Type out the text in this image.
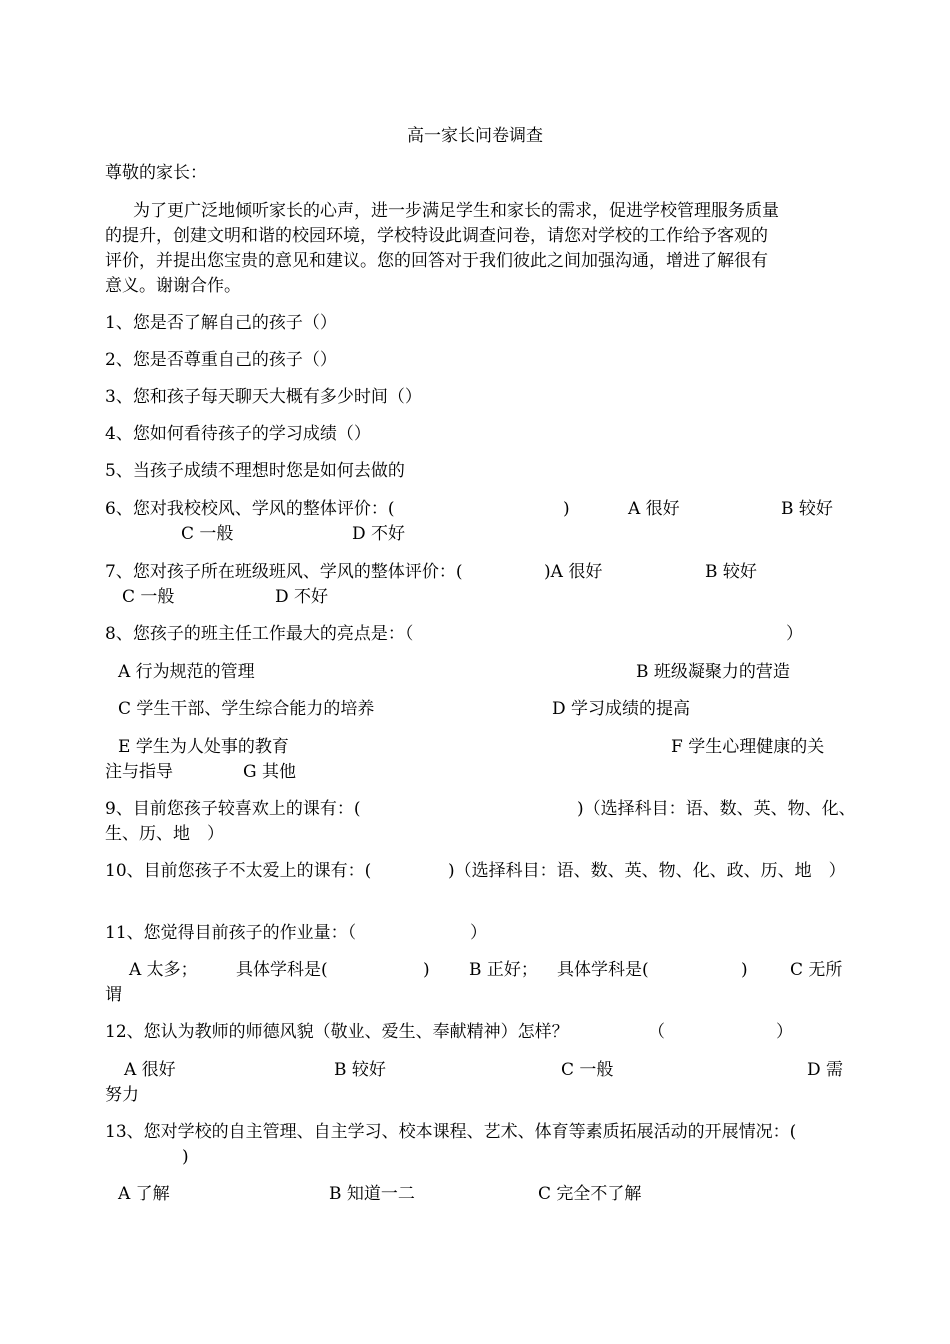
高一家长问卷调查
尊敬的家长：
为了更广泛地倾听家长的心声，进一步满足学生和家长的需求，促进学校管理服务质量
的提升，创建文明和谐的校园环境，学校特设此调查问卷，请您对学校的工作给予客观的
评价，并提出您宝贵的意见和建议。您的回答对于我们彼此之间加强沟通，增进了解很有
意义。谢谢合作。
1、您是否了解自己的孩子（）
2、您是否尊重自己的孩子（）
3、您和孩子每天聊天大概有多少时间（）
4、您如何看待孩子的学习成绩（）
5、当孩子成绩不理想时您是如何去做的
6、您对我校校风、学风的整体评价：(	)	A 很好	B 较好
C 一般	D 不好
7、您对孩子所在班级班风、学风的整体评价：(	)A 很好	B 较好
C 一般	D 不好
8、您孩子的班主任工作最大的亮点是：（	）
A 行为规范的管理	B 班级凝聚力的营造
C 学生干部、学生综合能力的培养	D 学习成绩的提高
E 学生为人处事的教育	F 学生心理健康的关
注与指导	G 其他
9、目前您孩子较喜欢上的课有：(	)（选择科目：语、数、英、物、化、
生、历、地　）
10、目前您孩子不太爱上的课有：(	)（选择科目：语、数、英、物、化、政、历、地　）
11、您觉得目前孩子的作业量：（	）
A 太多； 具体学科是(	) B 正好； 具体学科是(	) C 无所
谓
12、您认为教师的师德风貌（敬业、爱生、奉献精神）怎样？	（	）
A 很好	B 较好	C 一般	D 需
努力
13、您对学校的自主管理、自主学习、校本课程、艺术、体育等素质拓展活动的开展情况：(
)
A 了解	B 知道一二	C 完全不了解
